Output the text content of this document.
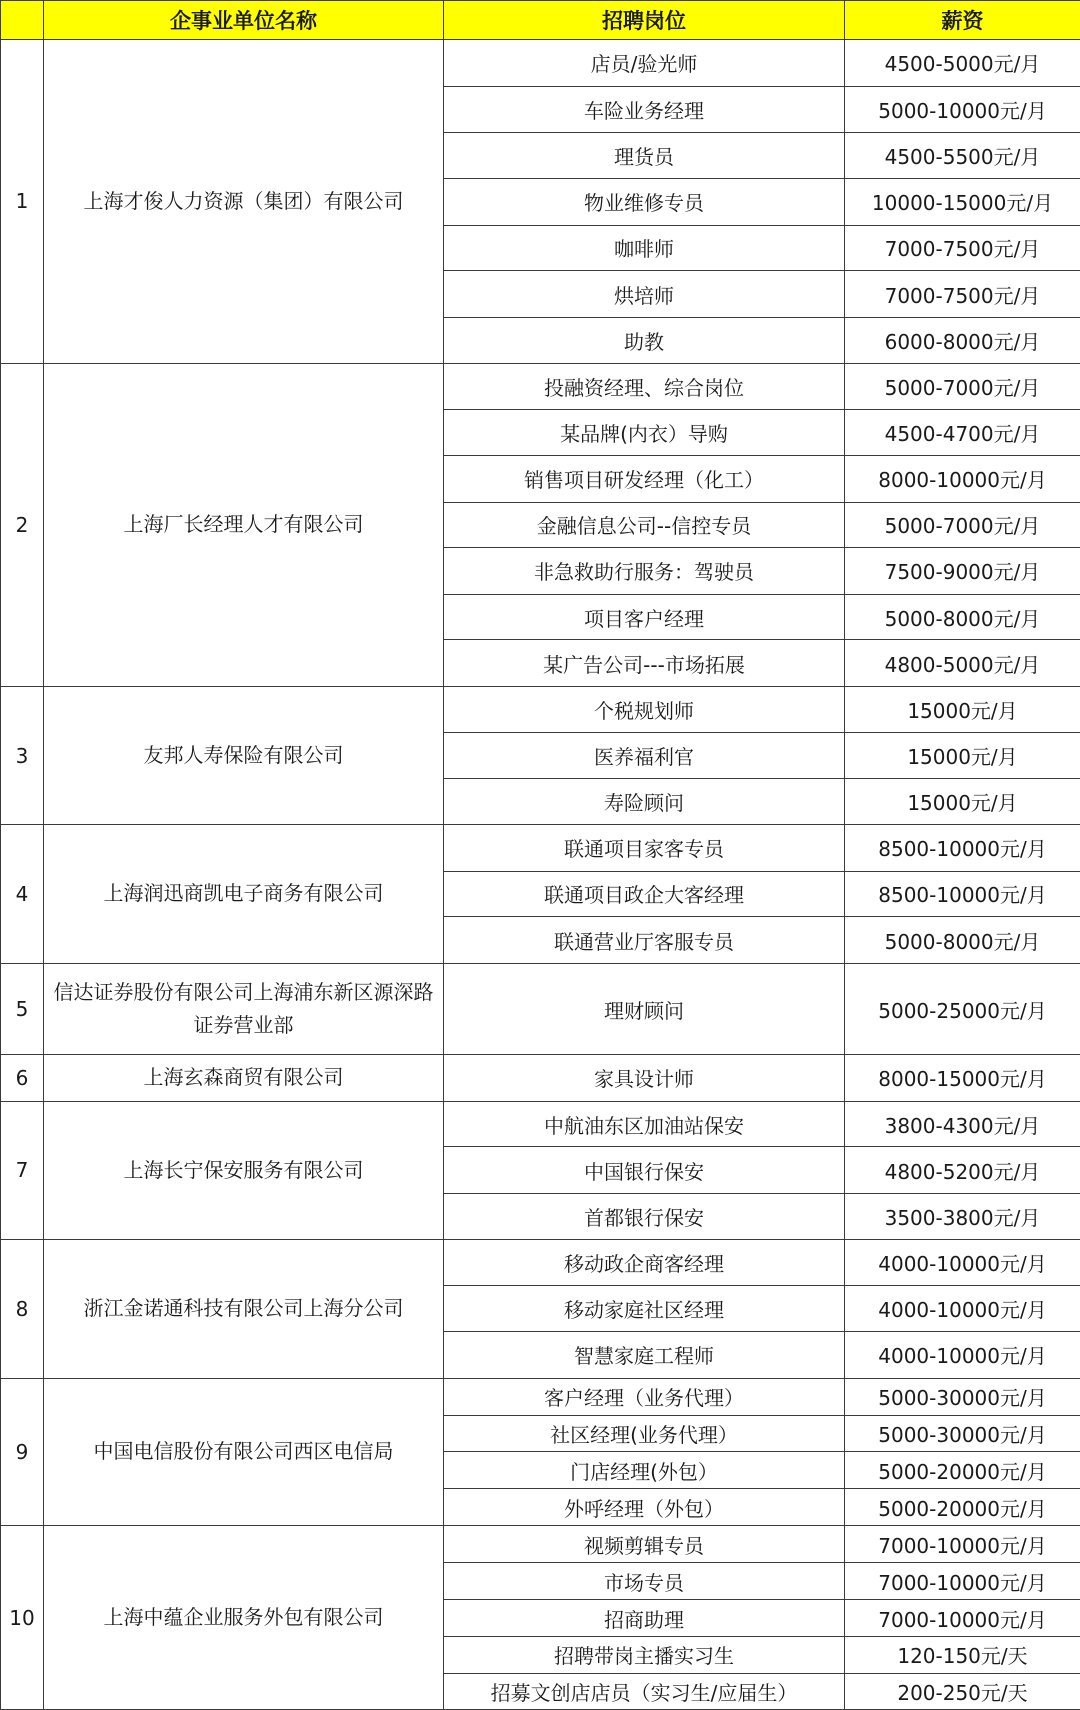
	企事业单位名称	招聘岗位	薪资
1	上海才俊人力资源（集团）有限公司	店员/验光师	4500-5000元/月
		车险业务经理	5000-10000元/月
		理货员	4500-5500元/月
		物业维修专员	10000-15000元/月
		咖啡师	7000-7500元/月
		烘培师	7000-7500元/月
		助教	6000-8000元/月
2	上海厂长经理人才有限公司	投融资经理、综合岗位	5000-7000元/月
		某品牌(内衣）导购	4500-4700元/月
		销售项目研发经理（化工）	8000-10000元/月
		金融信息公司--信控专员	5000-7000元/月
		非急救助行服务：驾驶员	7500-9000元/月
		项目客户经理	5000-8000元/月
		某广告公司---市场拓展	4800-5000元/月
3	友邦人寿保险有限公司	个税规划师	15000元/月
		医养福利官	15000元/月
		寿险顾问	15000元/月
4	上海润迅商凯电子商务有限公司	联通项目家客专员	8500-10000元/月
		联通项目政企大客经理	8500-10000元/月
		联通营业厅客服专员	5000-8000元/月
5	信达证券股份有限公司上海浦东新区源深路证券营业部	理财顾问	5000-25000元/月
6	上海玄森商贸有限公司	家具设计师	8000-15000元/月
7	上海长宁保安服务有限公司	中航油东区加油站保安	3800-4300元/月
		中国银行保安	4800-5200元/月
		首都银行保安	3500-3800元/月
8	浙江金诺通科技有限公司上海分公司	移动政企商客经理	4000-10000元/月
		移动家庭社区经理	4000-10000元/月
		智慧家庭工程师	4000-10000元/月
9	中国电信股份有限公司西区电信局	客户经理（业务代理）	5000-30000元/月
		社区经理(业务代理）	5000-30000元/月
		门店经理(外包）	5000-20000元/月
		外呼经理（外包）	5000-20000元/月
10	上海中蕴企业服务外包有限公司	视频剪辑专员	7000-10000元/月
		市场专员	7000-10000元/月
		招商助理	7000-10000元/月
		招聘带岗主播实习生	120-150元/天
		招募文创店店员（实习生/应届生）	200-250元/天
